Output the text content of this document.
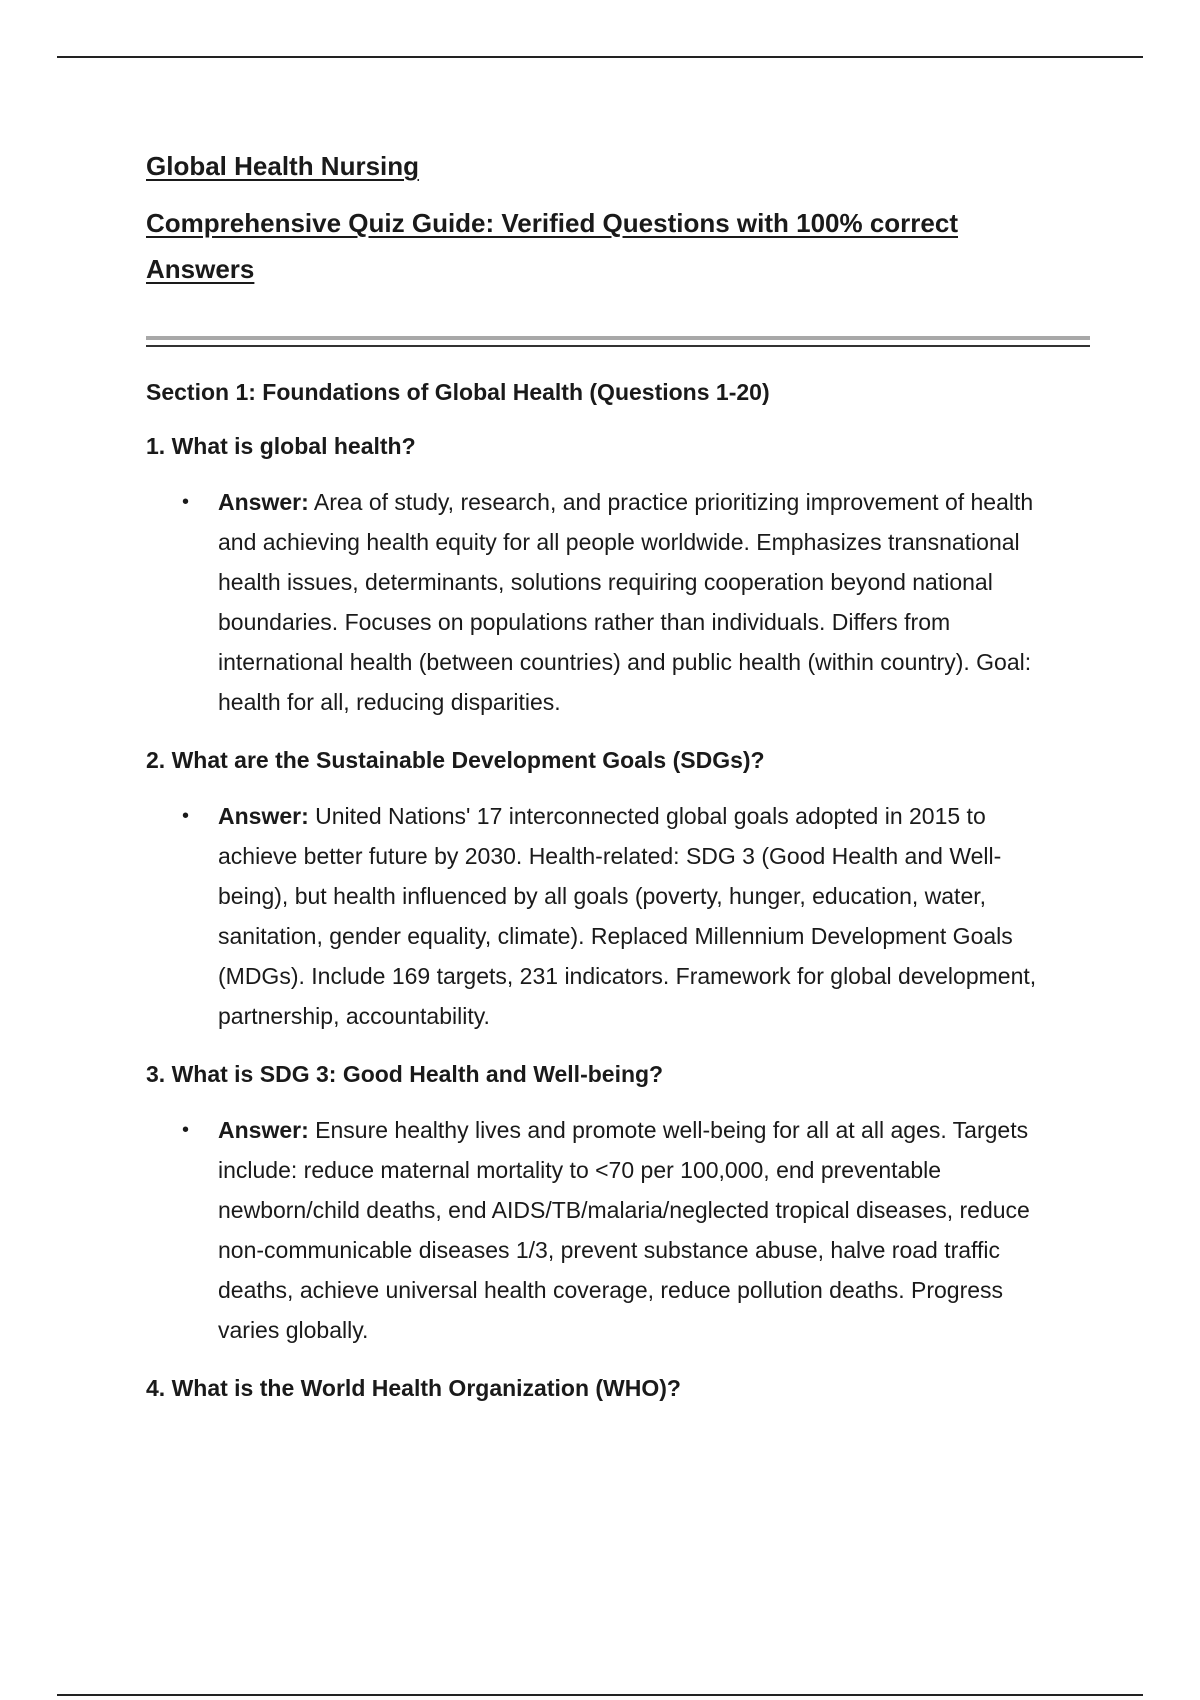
Global Health Nursing
Comprehensive Quiz Guide: Verified Questions with 100% correct Answers

Section 1: Foundations of Global Health (Questions 1-20)

1. What is global health?

• Answer: Area of study, research, and practice prioritizing improvement of health and achieving health equity for all people worldwide. Emphasizes transnational health issues, determinants, solutions requiring cooperation beyond national boundaries. Focuses on populations rather than individuals. Differs from international health (between countries) and public health (within country). Goal: health for all, reducing disparities.

2. What are the Sustainable Development Goals (SDGs)?

• Answer: United Nations' 17 interconnected global goals adopted in 2015 to achieve better future by 2030. Health-related: SDG 3 (Good Health and Well-being), but health influenced by all goals (poverty, hunger, education, water, sanitation, gender equality, climate). Replaced Millennium Development Goals (MDGs). Include 169 targets, 231 indicators. Framework for global development, partnership, accountability.

3. What is SDG 3: Good Health and Well-being?

• Answer: Ensure healthy lives and promote well-being for all at all ages. Targets include: reduce maternal mortality to <70 per 100,000, end preventable newborn/child deaths, end AIDS/TB/malaria/neglected tropical diseases, reduce non-communicable diseases 1/3, prevent substance abuse, halve road traffic deaths, achieve universal health coverage, reduce pollution deaths. Progress varies globally.

4. What is the World Health Organization (WHO)?
